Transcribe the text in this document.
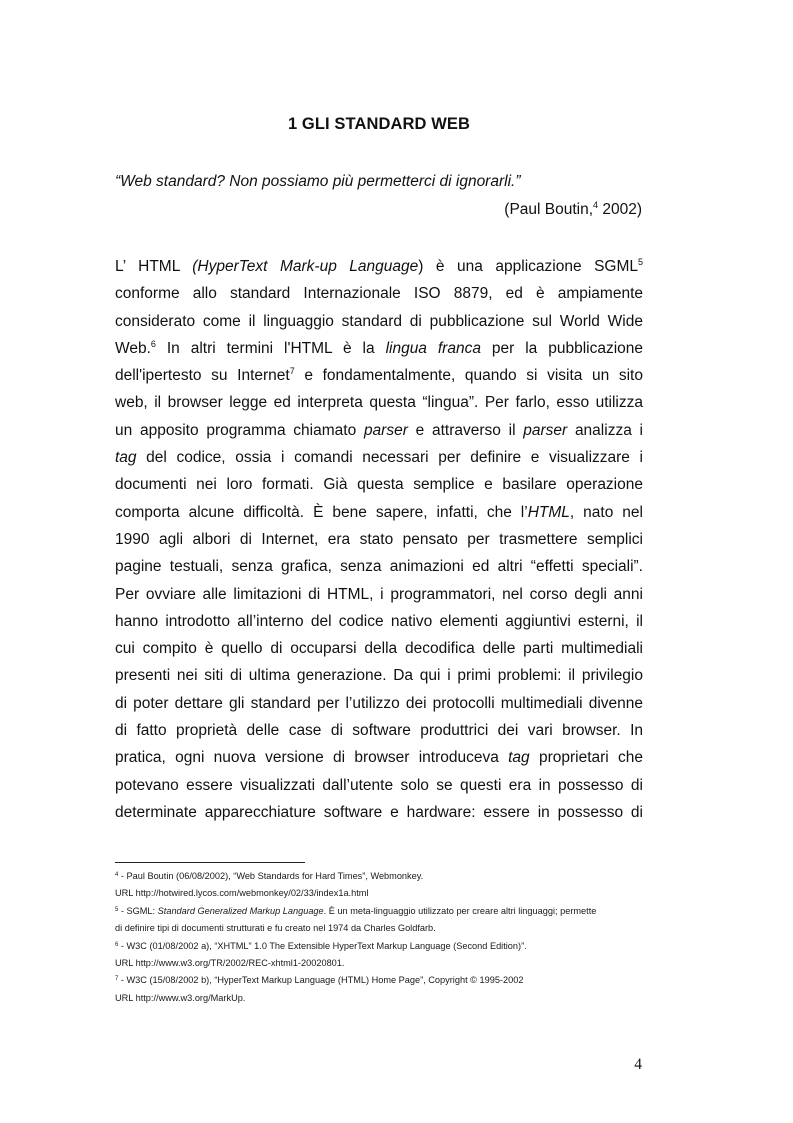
1 GLI STANDARD WEB
“Web standard? Non possiamo più permetterci di ignorarli.”
(Paul Boutin,$^4$ 2002)
L’ HTML (HyperText Mark-up Language) è una applicazione SGML$^5$
conforme allo standard Internazionale ISO 8879, ed è ampiamente
considerato come il linguaggio standard di pubblicazione sul World Wide
Web.$^6$ In altri termini l'HTML è la lingua franca per la pubblicazione
dell'ipertesto su Internet$^7$ e fondamentalmente, quando si visita un sito
web, il browser legge ed interpreta questa “lingua”. Per farlo, esso utilizza
un apposito programma chiamato parser e attraverso il parser analizza i
tag del codice, ossia i comandi necessari per definire e visualizzare i
documenti nei loro formati. Già questa semplice e basilare operazione
comporta alcune difficoltà. È bene sapere, infatti, che l’HTML, nato nel
1990 agli albori di Internet, era stato pensato per trasmettere semplici
pagine testuali, senza grafica, senza animazioni ed altri “effetti speciali”.
Per ovviare alle limitazioni di HTML, i programmatori, nel corso degli anni
hanno introdotto all’interno del codice nativo elementi aggiuntivi esterni, il
cui compito è quello di occuparsi della decodifica delle parti multimediali
presenti nei siti di ultima generazione. Da qui i primi problemi: il privilegio
di poter dettare gli standard per l’utilizzo dei protocolli multimediali divenne
di fatto proprietà delle case di software produttrici dei vari browser. In
pratica, ogni nuova versione di browser introduceva tag proprietari che
potevano essere visualizzati dall’utente solo se questi era in possesso di
determinate apparecchiature software e hardware: essere in possesso di
$^4$ - Paul Boutin (06/08/2002), “Web Standards for Hard Times”, Webmonkey.
URL http://hotwired.lycos.com/webmonkey/02/33/index1a.html
$^5$ - SGML: Standard Generalized Markup Language. È un meta-linguaggio utilizzato per creare altri linguaggi; permette
di definire tipi di documenti strutturati e fu creato nel 1974 da Charles Goldfarb.
$^6$ - W3C (01/08/2002 a), “XHTML” 1.0 The Extensible HyperText Markup Language (Second Edition)”.
URL http://www.w3.org/TR/2002/REC-xhtml1-20020801.
$^7$ - W3C (15/08/2002 b), “HyperText Markup Language (HTML) Home Page”, Copyright © 1995-2002
URL http://www.w3.org/MarkUp.
4
